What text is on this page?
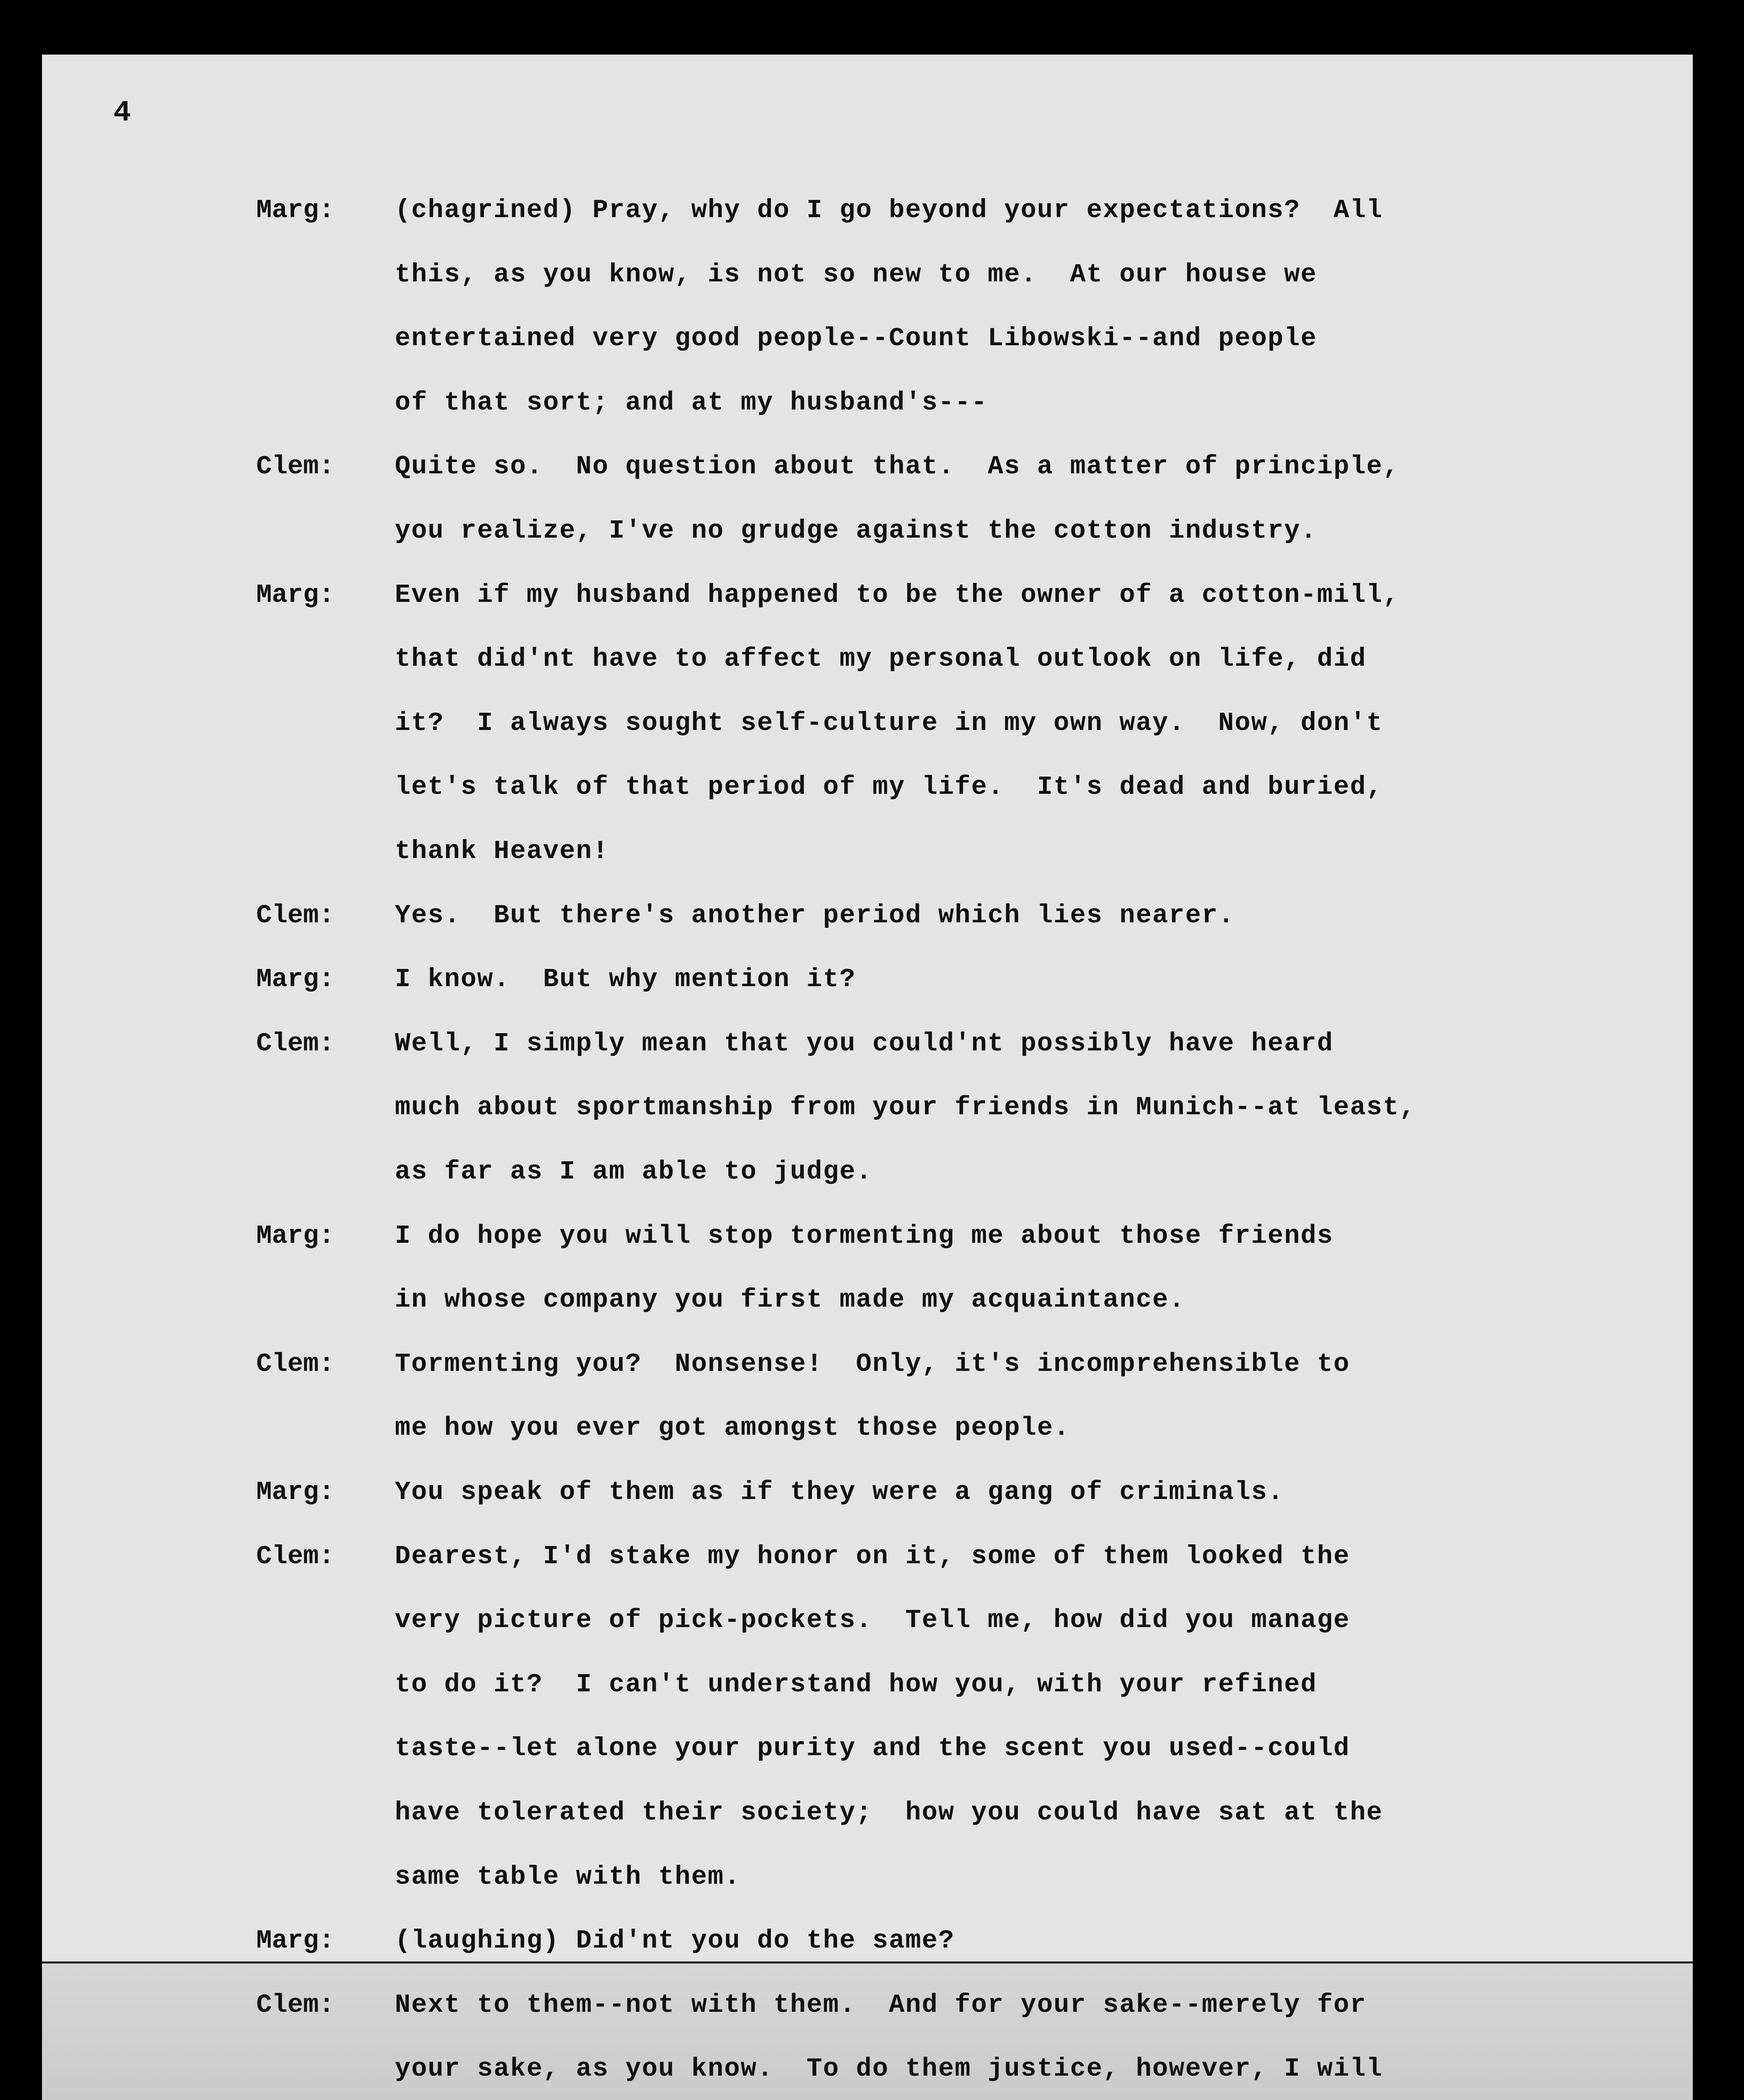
4
Marg: (chagrined) Pray, why do I go beyond your expectations?  All
this, as you know, is not so new to me.  At our house we
entertained very good people--Count Libowski--and people
of that sort; and at my husband's---
Clem: Quite so.  No question about that.  As a matter of principle,
you realize, I've no grudge against the cotton industry.
Marg: Even if my husband happened to be the owner of a cotton-mill,
that did'nt have to affect my personal outlook on life, did
it?  I always sought self-culture in my own way.  Now, don't
let's talk of that period of my life.  It's dead and buried,
thank Heaven!
Clem: Yes.  But there's another period which lies nearer.
Marg: I know.  But why mention it?
Clem: Well, I simply mean that you could'nt possibly have heard
much about sportmanship from your friends in Munich--at least,
as far as I am able to judge.
Marg: I do hope you will stop tormenting me about those friends
in whose company you first made my acquaintance.
Clem: Tormenting you?  Nonsense!  Only, it's incomprehensible to
me how you ever got amongst those people.
Marg: You speak of them as if they were a gang of criminals.
Clem: Dearest, I'd stake my honor on it, some of them looked the
very picture of pick-pockets.  Tell me, how did you manage
to do it?  I can't understand how you, with your refined
taste--let alone your purity and the scent you used--could
have tolerated their society;  how you could have sat at the
same table with them.
Marg: (laughing) Did'nt you do the same?
Clem: Next to them--not with them.  And for your sake--merely for
your sake, as you know.  To do them justice, however, I will
